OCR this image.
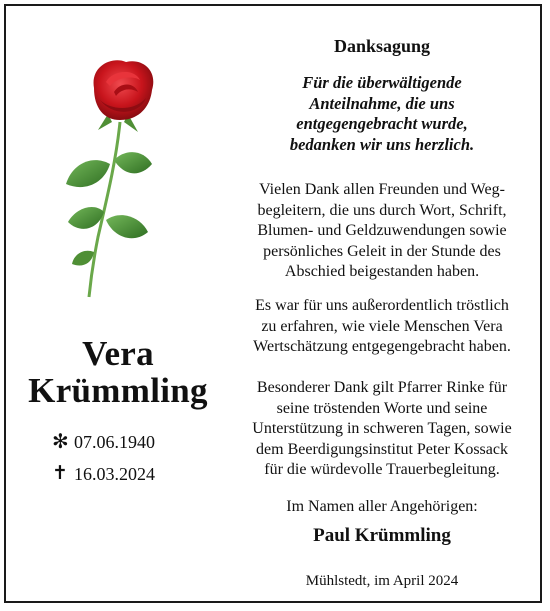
Vera
Krümmling
✻ 07.06.1940
✝ 16.03.2024
Danksagung
Für die überwältigende
Anteilnahme, die uns
entgegengebracht wurde,
bedanken wir uns herzlich.
Vielen Dank allen Freunden und Weg-
begleitern, die uns durch Wort, Schrift,
Blumen- und Geldzuwendungen sowie
persönliches Geleit in der Stunde des
Abschied beigestanden haben.
Es war für uns außerordentlich tröstlich
zu erfahren, wie viele Menschen Vera
Wertschätzung entgegengebracht haben.
Besonderer Dank gilt Pfarrer Rinke für
seine tröstenden Worte und seine
Unterstützung in schweren Tagen, sowie
dem Beerdigungsinstitut Peter Kossack
für die würdevolle Trauerbegleitung.
Im Namen aller Angehörigen:
Paul Krümmling
Mühlstedt, im April 2024
